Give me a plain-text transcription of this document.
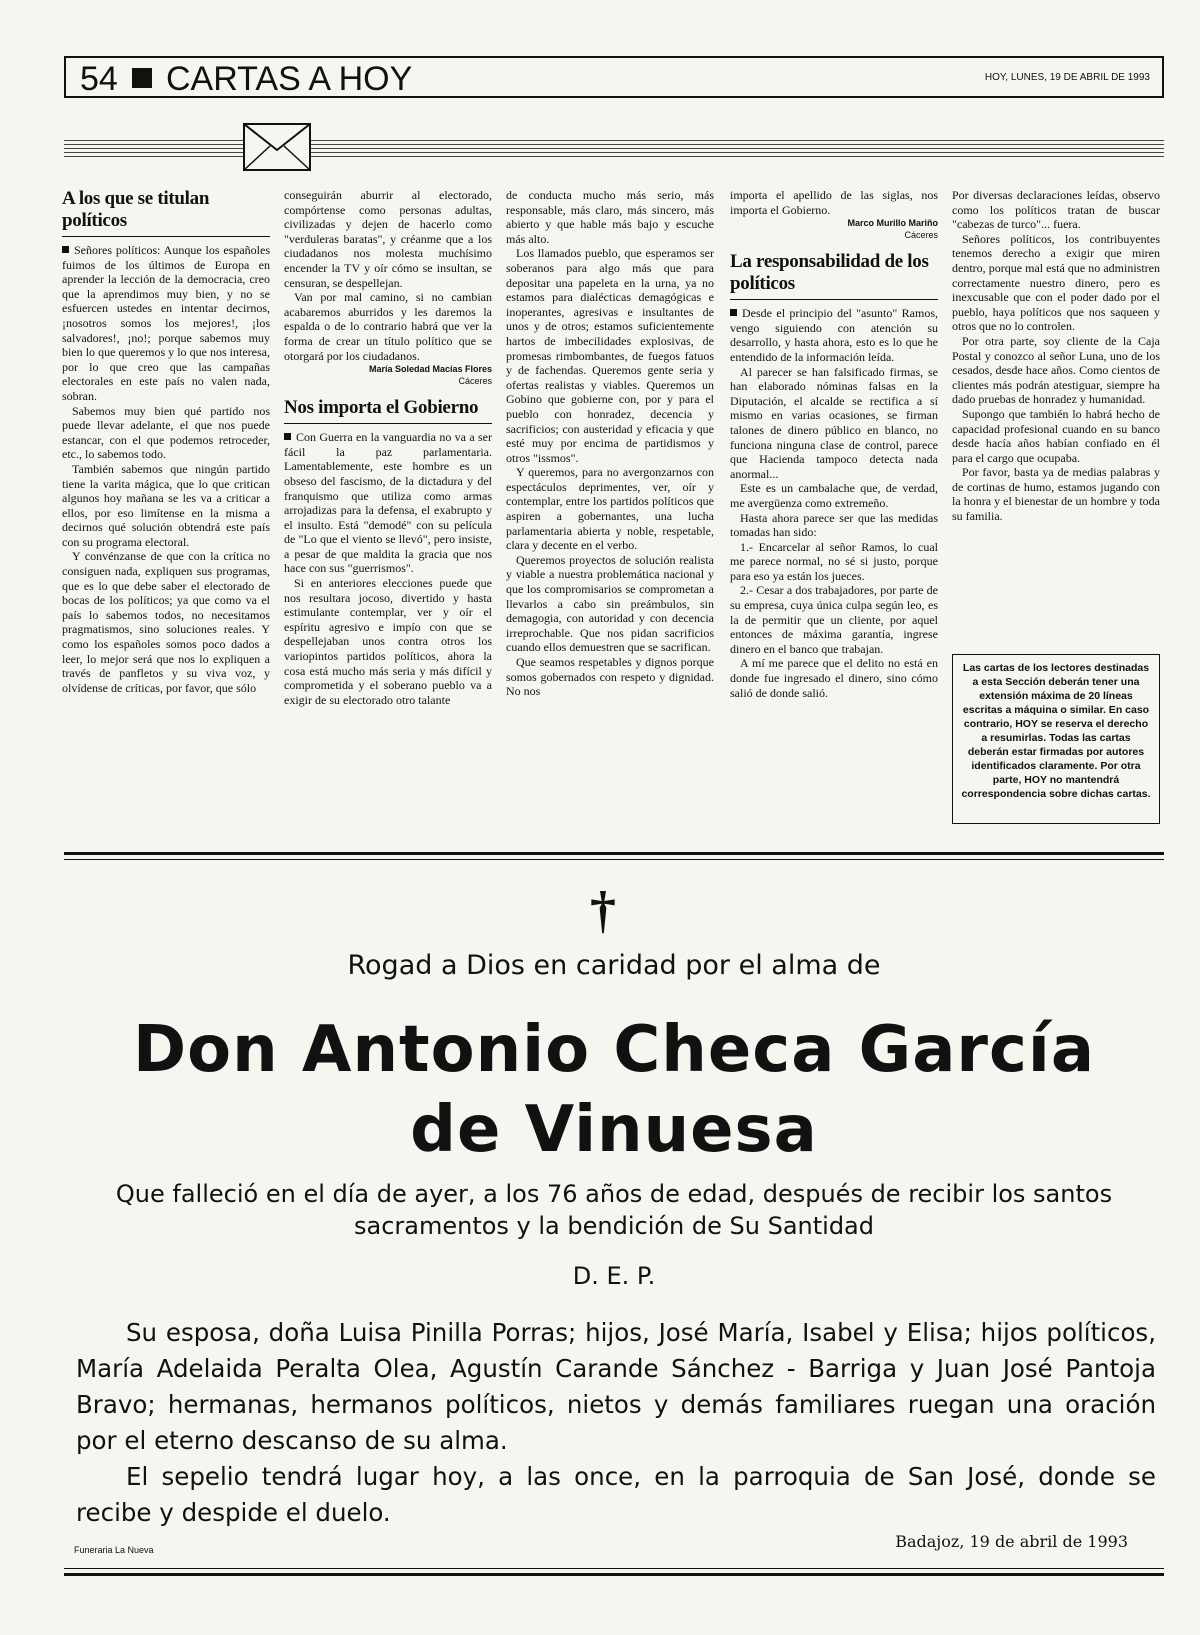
54 CARTAS A HOY	HOY, LUNES, 19 DE ABRIL DE 1993
A los que se titulan políticos

Señores políticos: Aunque los españoles fuimos de los últimos de Europa en aprender la lección de la democracia, creo que la aprendimos muy bien, y no se esfuercen ustedes en intentar decirnos, ¡nosotros somos los mejores!, ¡los salvadores!, ¡no!; porque sabemos muy bien lo que queremos y lo que nos interesa, por lo que creo que las campañas electorales en este país no valen nada, sobran.

Sabemos muy bien qué partido nos puede llevar adelante, el que nos puede estancar, con el que podemos retroceder, etc., lo sabemos todo.

También sabemos que ningún partido tiene la varita mágica, que lo que critican algunos hoy mañana se les va a criticar a ellos, por eso limítense en la misma a decirnos qué solución obtendrá este país con su programa electoral.

Y convénzanse de que con la crítica no consiguen nada, expliquen sus programas, que es lo que debe saber el electorado de bocas de los políticos; ya que como va el país lo sabemos todos, no necesitamos pragmatismos, sino soluciones reales. Y como los españoles somos poco dados a leer, lo mejor será que nos lo expliquen a través de panfletos y su viva voz, y olvídense de críticas, por favor, que sólo

conseguirán aburrir al electorado, compórtense como personas adultas, civilizadas y dejen de hacerlo como "verduleras baratas", y créanme que a los ciudadanos nos molesta muchísimo encender la TV y oír cómo se insultan, se censuran, se despellejan.

Van por mal camino, si no cambian acabaremos aburridos y les daremos la espalda o de lo contrario habrá que ver la forma de crear un título político que se otorgará por los ciudadanos.

María Soledad Macías Flores

Cáceres

Nos importa el Gobierno

Con Guerra en la vanguardia no va a ser fácil la paz parlamentaria. Lamentablemente, este hombre es un obseso del fascismo, de la dictadura y del franquismo que utiliza como armas arrojadizas para la defensa, el exabrupto y el insulto. Está "demodé" con su película de "Lo que el viento se llevó", pero insiste, a pesar de que maldita la gracia que nos hace con sus "guerrismos".

Si en anteriores elecciones puede que nos resultara jocoso, divertido y hasta estimulante contemplar, ver y oír el espíritu agresivo e impío con que se despellejaban unos contra otros los variopintos partidos políticos, ahora la cosa está mucho más seria y más difícil y comprometida y el soberano pueblo va a exigir de su electorado otro talante

de conducta mucho más serio, más responsable, más claro, más sincero, más abierto y que hable más bajo y escuche más alto.

Los llamados pueblo, que esperamos ser soberanos para algo más que para depositar una papeleta en la urna, ya no estamos para dialécticas demagógicas e inoperantes, agresivas e insultantes de unos y de otros; estamos suficientemente hartos de imbecilidades explosivas, de promesas rimbombantes, de fuegos fatuos y de fachendas. Queremos gente seria y ofertas realistas y viables. Queremos un Gobino que gobierne con, por y para el pueblo con honradez, decencia y sacrificios; con austeridad y eficacia y que esté muy por encima de partidismos y otros "issmos".

Y queremos, para no avergonzarnos con espectáculos deprimentes, ver, oír y contemplar, entre los partidos políticos que aspiren a gobernantes, una lucha parlamentaria abierta y noble, respetable, clara y decente en el verbo.

Queremos proyectos de solución realista y viable a nuestra problemática nacional y que los compromisarios se comprometan a llevarlos a cabo sin preámbulos, sin demagogia, con autoridad y con decencia irreprochable. Que nos pidan sacrificios cuando ellos demuestren que se sacrifican.

Que seamos respetables y dignos porque somos gobernados con respeto y dignidad. No nos

importa el apellido de las siglas, nos importa el Gobierno.

Marco Murillo Mariño

Cáceres

La responsabilidad de los políticos

Desde el principio del "asunto" Ramos, vengo siguiendo con atención su desarrollo, y hasta ahora, esto es lo que he entendido de la información leída.

Al parecer se han falsificado firmas, se han elaborado nóminas falsas en la Diputación, el alcalde se rectifica a sí mismo en varias ocasiones, se firman talones de dinero público en blanco, no funciona ninguna clase de control, parece que Hacienda tampoco detecta nada anormal...

Este es un cambalache que, de verdad, me avergüenza como extremeño.

Hasta ahora parece ser que las medidas tomadas han sido:

1.- Encarcelar al señor Ramos, lo cual me parece normal, no sé si justo, porque para eso ya están los jueces.

2.- Cesar a dos trabajadores, por parte de su empresa, cuya única culpa según leo, es la de permitir que un cliente, por aquel entonces de máxima garantía, ingrese dinero en el banco que trabajan.

A mí me parece que el delito no está en donde fue ingresado el dinero, sino cómo salió de donde salió.

Por diversas declaraciones leídas, observo como los políticos tratan de buscar "cabezas de turco"... fuera.

Señores políticos, los contribuyentes tenemos derecho a exigir que miren dentro, porque mal está que no administren correctamente nuestro dinero, pero es inexcusable que con el poder dado por el pueblo, haya políticos que nos saqueen y otros que no lo controlen.

Por otra parte, soy cliente de la Caja Postal y conozco al señor Luna, uno de los cesados, desde hace años. Como cientos de clientes más podrán atestiguar, siempre ha dado pruebas de honradez y humanidad.

Supongo que también lo habrá hecho de capacidad profesional cuando en su banco desde hacía años habían confiado en él para el cargo que ocupaba.

Por favor, basta ya de medias palabras y de cortinas de humo, estamos jugando con la honra y el bienestar de un hombre y toda su familia.

Las cartas de los lectores destinadas a esta Sección deberán tener una extensión máxima de 20 líneas escritas a máquina o similar. En caso contrario, HOY se reserva el derecho a resumirlas. Todas las cartas deberán estar firmadas por autores identificados claramente. Por otra parte, HOY no mantendrá correspondencia sobre dichas cartas.
†
Rogad a Dios en caridad por el alma de
Don Antonio Checa García
de Vinuesa
Que falleció en el día de ayer, a los 76 años de edad, después de recibir los santos sacramentos y la bendición de Su Santidad
D. E. P.

Su esposa, doña Luisa Pinilla Porras; hijos, José María, Isabel y Elisa; hijos políticos, María Adelaida Peralta Olea, Agustín Carande Sánchez - Barriga y Juan José Pantoja Bravo; hermanas, hermanos políticos, nietos y demás familiares ruegan una oración por el eterno descanso de su alma.

El sepelio tendrá lugar hoy, a las once, en la parroquia de San José, donde se recibe y despide el duelo.

Funeraria La Nueva	Badajoz, 19 de abril de 1993
